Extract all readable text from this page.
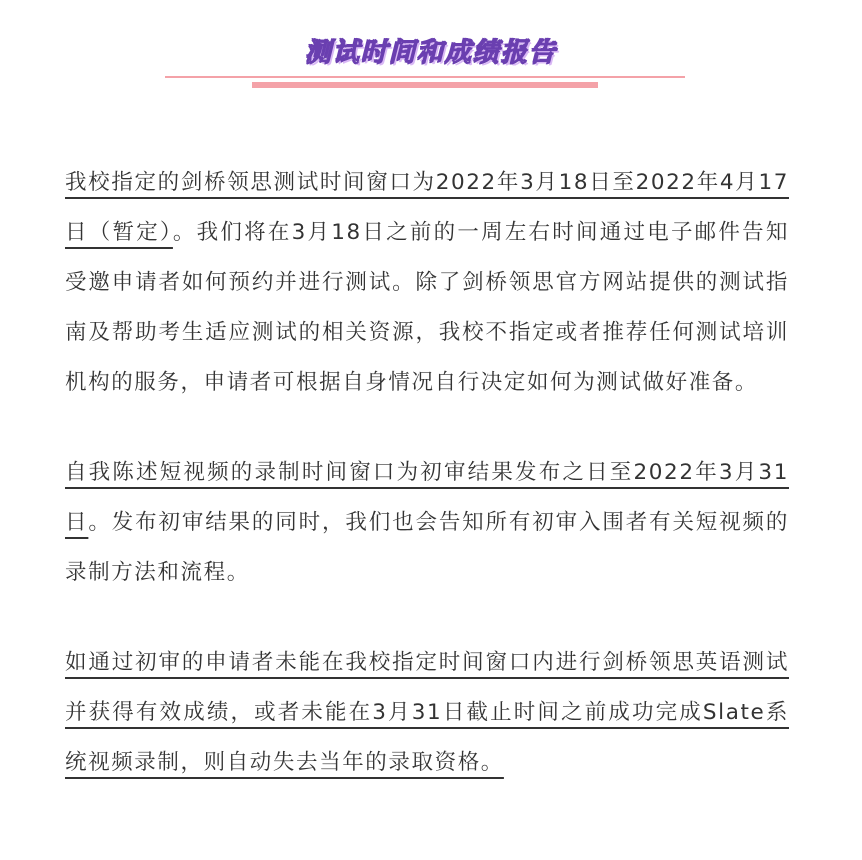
测试时间和成绩报告

我校指定的剑桥领思测试时间窗口为2022年3月18日至2022年4月17日（暂定）。我们将在3月18日之前的一周左右时间通过电子邮件告知受邀申请者如何预约并进行测试。除了剑桥领思官方网站提供的测试指南及帮助考生适应测试的相关资源，我校不指定或者推荐任何测试培训机构的服务，申请者可根据自身情况自行决定如何为测试做好准备。

自我陈述短视频的录制时间窗口为初审结果发布之日至2022年3月31日。发布初审结果的同时，我们也会告知所有初审入围者有关短视频的录制方法和流程。

如通过初审的申请者未能在我校指定时间窗口内进行剑桥领思英语测试并获得有效成绩，或者未能在3月31日截止时间之前成功完成Slate系统视频录制，则自动失去当年的录取资格。
